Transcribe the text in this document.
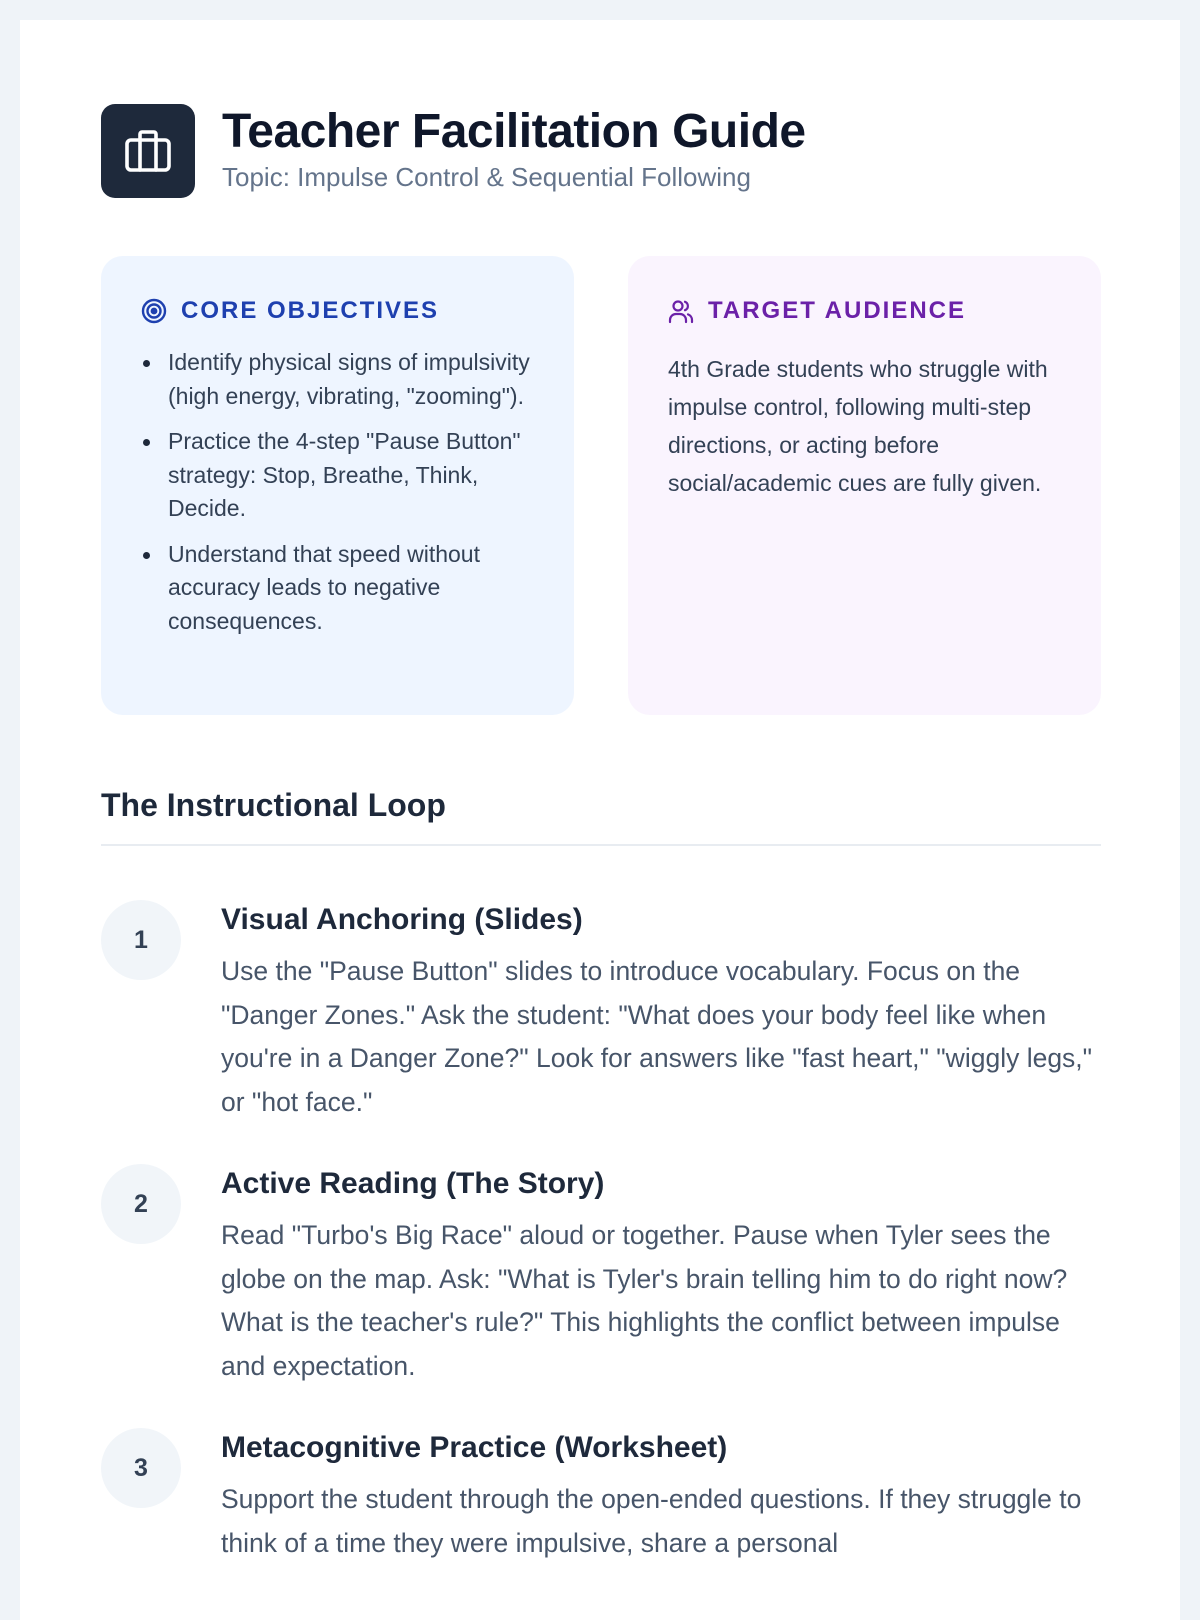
Teacher Facilitation Guide
Topic: Impulse Control & Sequential Following
CORE OBJECTIVES
Identify physical signs of impulsivity (high energy, vibrating, "zooming").
Practice the 4-step "Pause Button" strategy: Stop, Breathe, Think, Decide.
Understand that speed without accuracy leads to negative consequences.
TARGET AUDIENCE
4th Grade students who struggle with impulse control, following multi-step directions, or acting before social/academic cues are fully given.
The Instructional Loop
1
Visual Anchoring (Slides)
Use the "Pause Button" slides to introduce vocabulary. Focus on the "Danger Zones." Ask the student: "What does your body feel like when you're in a Danger Zone?" Look for answers like "fast heart," "wiggly legs," or "hot face."
2
Active Reading (The Story)
Read "Turbo's Big Race" aloud or together. Pause when Tyler sees the globe on the map. Ask: "What is Tyler's brain telling him to do right now? What is the teacher's rule?" This highlights the conflict between impulse and expectation.
3
Metacognitive Practice (Worksheet)
Support the student through the open-ended questions. If they struggle to think of a time they were impulsive, share a personal
